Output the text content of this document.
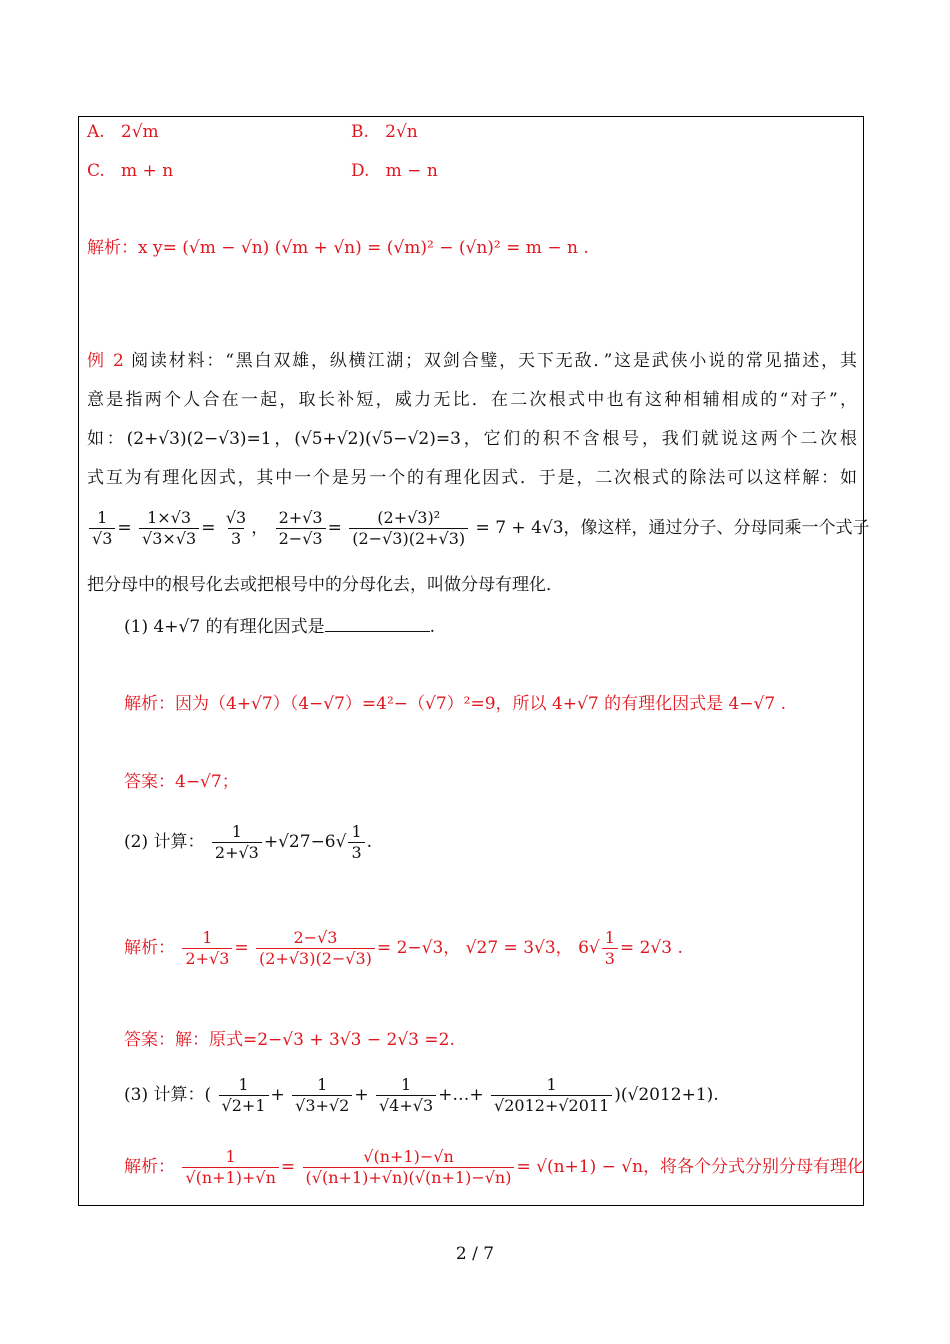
A. 2√m	B. 2√n
C. m + n	D. m − n
解析：x y= (√m − √n) (√m + √n) = (√m)² − (√n)² = m − n .
例 2 阅读材料：“黑白双雄，纵横江湖；双剑合璧，天下无敌．”这是武侠小说的常见描述，其
意是指两个人合在一起，取长补短，威力无比．在二次根式中也有这种相辅相成的“对子”，
如：(2+√3)(2−√3)=1，(√5+√2)(√5−√2)=3，它们的积不含根号，我们就说这两个二次根
式互为有理化因式，其中一个是另一个的有理化因式．于是，二次根式的除法可以这样解：如
$\frac{1}{√3} = \frac{1\times√3}{√3\times√3} = \frac{√3}{3}$ ， $\frac{2+√3}{2-√3} = \frac{\text{(2+√3)²}}{(2-√3)(2+√3)} = 7 + 4√3$，像这样，通过分子、分母同乘一个式子
把分母中的根号化去或把根号中的分母化去，叫做分母有理化．
(1) 4+√7 的有理化因式是	.
解析：因为（4+√7）（4−√7）=4²−（√7）²=9，所以 4+√7 的有理化因式是 4−√7 .
答案：4−√7；
(2) 计算： $\frac{1}{2+√3} +√27-6√ \frac{1}{3}$ .
解析： $\frac{1}{2+√3} = \frac{2-√3}{(2+√3)(2-√3)} = 2-√3$， √27 = 3√3， $6√ \frac{1}{3} = 2√3$ .
答案：解：原式=2−√3 + 3√3 − 2√3 =2.
(3) 计算：( $\frac{1}{√2+1} + \frac{1}{√3+√2} + \frac{1}{√4+√3}$ +…+ $\frac{1}{√2012+√2011} )(√2012+1)$.
解析： $\frac{1}{√(n+1)+√n} = \frac{√(n+1)-√n}{(√(n+1)+√n)(√(n+1)-√n)} = √(n+1) - √n$，将各个分式分别分母有理化
2 / 7
